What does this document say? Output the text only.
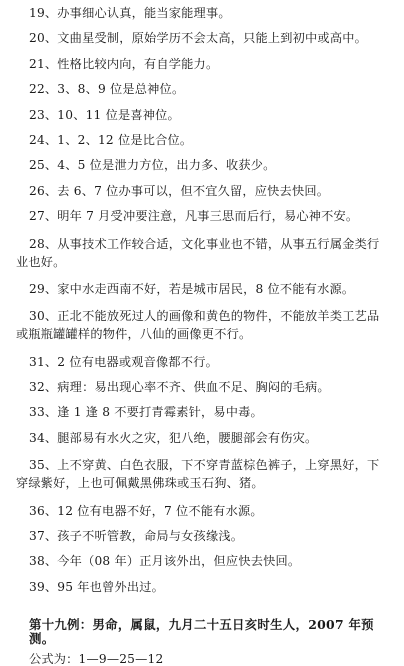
19、办事细心认真，能当家能理事。
20、文曲星受制，原始学历不会太高，只能上到初中或高中。
21、性格比较内向，有自学能力。
22、3、8、9 位是总神位。
23、10、11 位是喜神位。
24、1、2、12 位是比合位。
25、4、5 位是泄力方位，出力多、收获少。
26、去 6、7 位办事可以，但不宜久留，应快去快回。
27、明年 7 月受冲要注意，凡事三思而后行，易心神不安。
28、从事技术工作较合适，文化事业也不错，从事五行属金类行业也好。
29、家中水走西南不好，若是城市居民，8 位不能有水源。
30、正北不能放死过人的画像和黄色的物件，不能放羊类工艺品或瓶瓶罐罐样的物件，八仙的画像更不行。
31、2 位有电器或观音像都不行。
32、病理：易出现心率不齐、供血不足、胸闷的毛病。
33、逢 1 逢 8 不要打青霉素针，易中毒。
34、腿部易有水火之灾，犯八绝，腰腿部会有伤灾。
35、上不穿黄、白色衣服，下不穿青蓝棕色裤子，上穿黑好，下穿绿紫好，上也可佩戴黑佛珠或玉石狗、猪。
36、12 位有电器不好，7 位不能有水源。
37、孩子不听管教，命局与女孩缘浅。
38、今年（08 年）正月该外出，但应快去快回。
39、95 年也曾外出过。
第十九例：男命，属鼠，九月二十五日亥时生人，2007 年预测。
公式为：1—9—25—12
